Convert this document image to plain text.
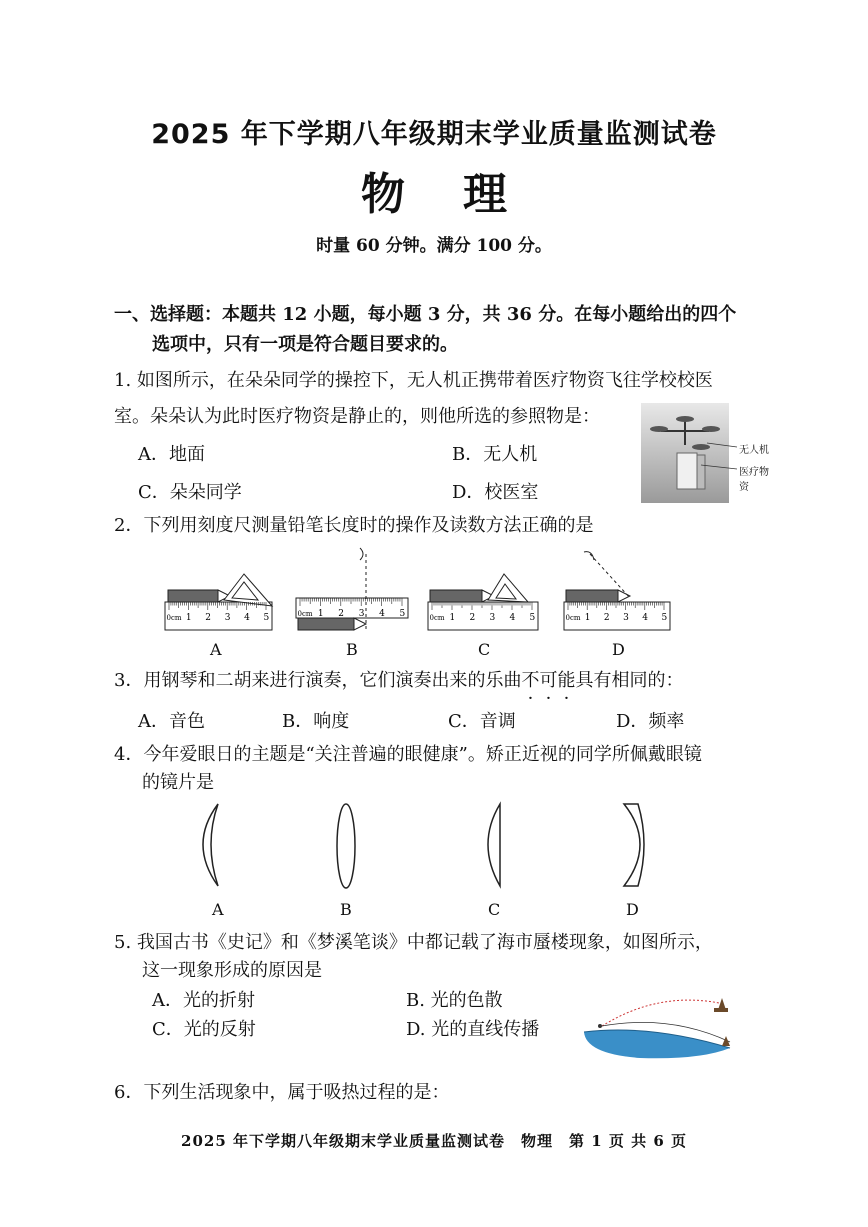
2025 年下学期八年级期末学业质量监测试卷
物理
时量 60 分钟。满分 100 分。
一、选择题：本题共 12 小题，每小题 3 分，共 36 分。在每小题给出的四个
选项中，只有一项是符合题目要求的。
1. 如图所示，在朵朵同学的操控下，无人机正携带着医疗物资飞往学校校医
室。朵朵认为此时医疗物资是静止的，则他所选的参照物是：
A．地面	B．无人机
C．朵朵同学	D．校医室
无人机
医疗物资
2．下列用刻度尺测量铅笔长度时的操作及读数方法正确的是
0cm 1 2 3 4 5	0cm 1 2 3 4 5	0cm 1 2 3 4 5	0cm 1 2 3 4 5
A	B	C	D
3．用钢琴和二胡来进行演奏，它们演奏出来的乐曲不可能具有相同的：
A．音色	B．响度	C．音调	D．频率
4．今年爱眼日的主题是“关注普遍的眼健康”。矫正近视的同学所佩戴眼镜
的镜片是
A	B	C	D
5. 我国古书《史记》和《梦溪笔谈》中都记载了海市蜃楼现象，如图所示，
这一现象形成的原因是
A．光的折射	B. 光的色散
C．光的反射	D. 光的直线传播
6．下列生活现象中，属于吸热过程的是：
2025 年下学期八年级期末学业质量监测试卷　物理　第 1 页 共 6 页
